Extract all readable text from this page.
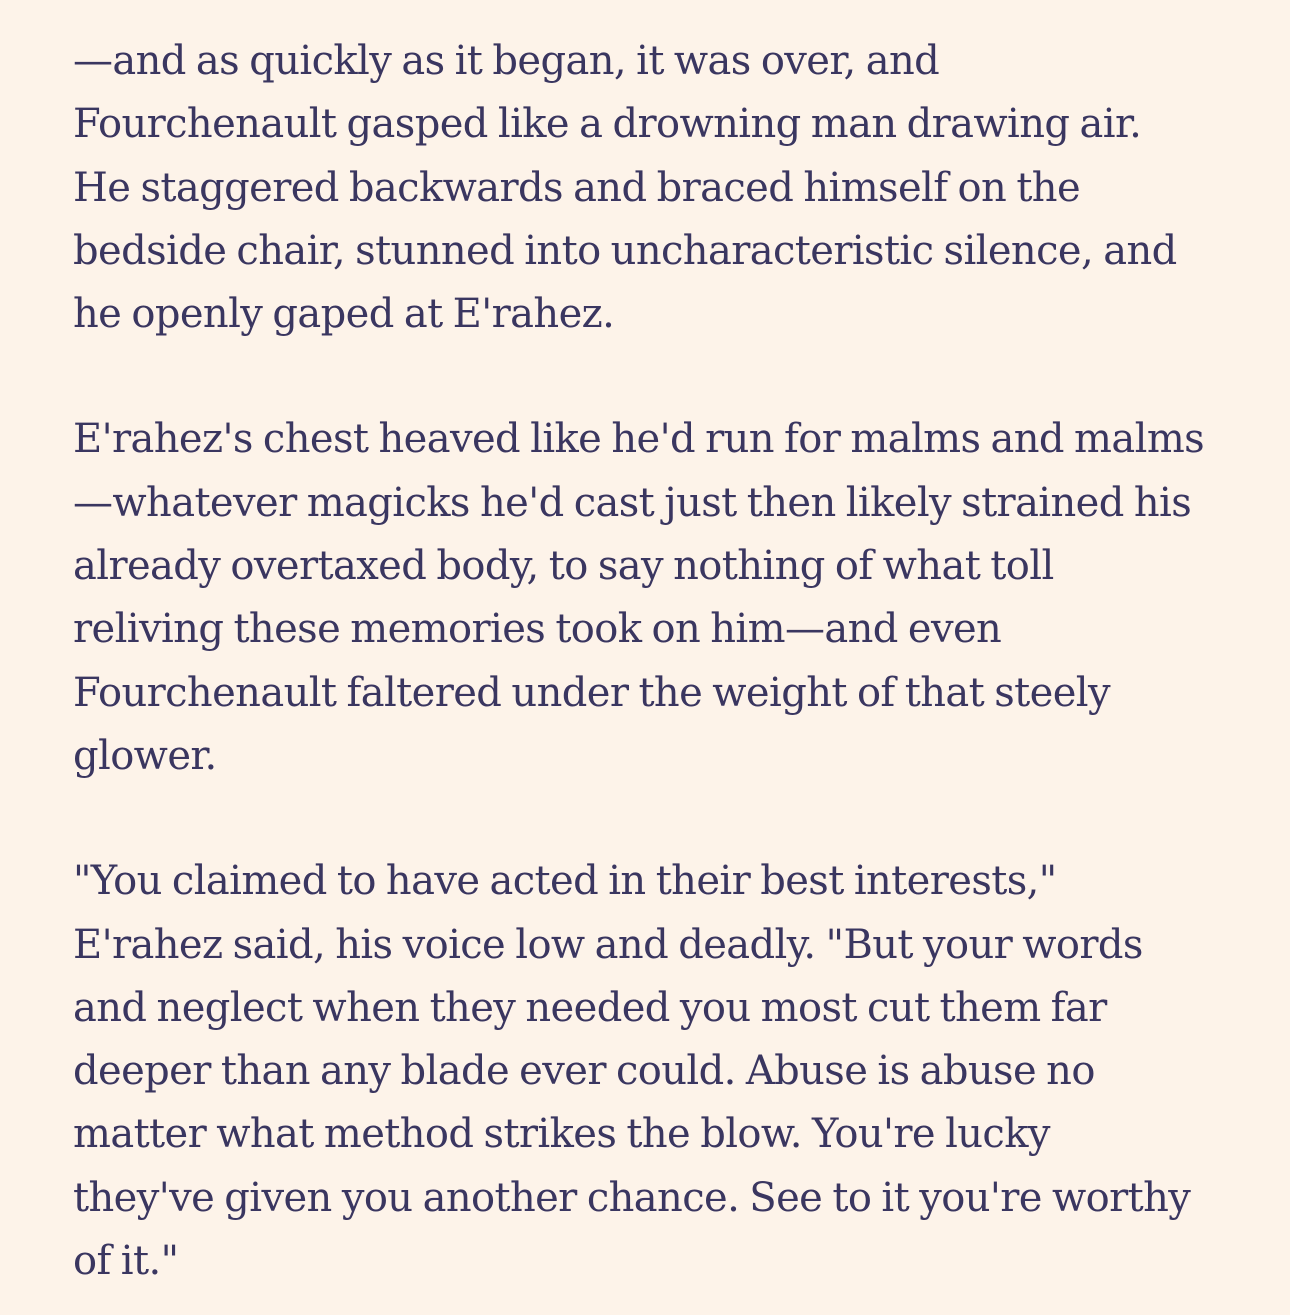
—and as quickly as it began, it was over, and
Fourchenault gasped like a drowning man drawing air.
He staggered backwards and braced himself on the
bedside chair, stunned into uncharacteristic silence, and
he openly gaped at E'rahez.

E'rahez's chest heaved like he'd run for malms and malms
—whatever magicks he'd cast just then likely strained his
already overtaxed body, to say nothing of what toll
reliving these memories took on him—and even
Fourchenault faltered under the weight of that steely
glower.

"You claimed to have acted in their best interests,"
E'rahez said, his voice low and deadly. "But your words
and neglect when they needed you most cut them far
deeper than any blade ever could. Abuse is abuse no
matter what method strikes the blow. You're lucky
they've given you another chance. See to it you're worthy
of it."
